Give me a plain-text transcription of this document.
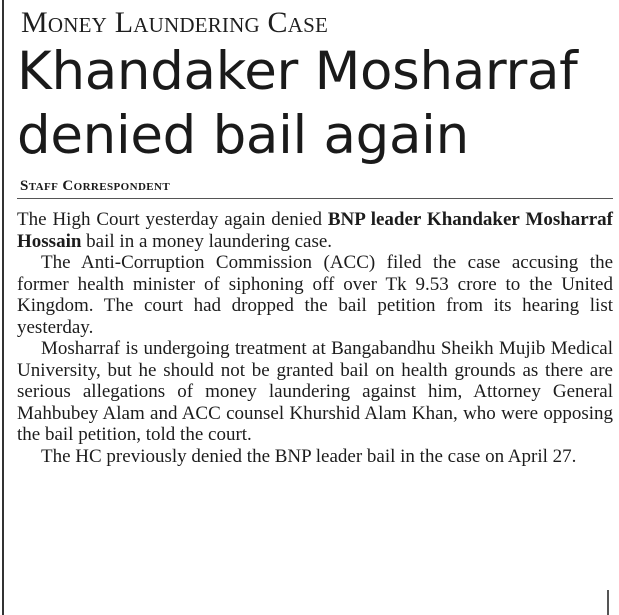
Money Laundering Case
Khandaker Mosharraf
denied bail again
Staff Correspondent

The High Court yesterday again denied BNP leader Khandaker Mosharraf Hossain bail in a money laundering case.

The Anti-Corruption Commission (ACC) filed the case accusing the former health minister of siphoning off over Tk 9.53 crore to the United Kingdom. The court had dropped the bail petition from its hearing list yesterday.

Mosharraf is undergoing treatment at Bangabandhu Sheikh Mujib Medical University, but he should not be granted bail on health grounds as there are serious allegations of money laundering against him, Attorney General Mahbubey Alam and ACC counsel Khurshid Alam Khan, who were opposing the bail petition, told the court.

The HC previously denied the BNP leader bail in the case on April 27.
